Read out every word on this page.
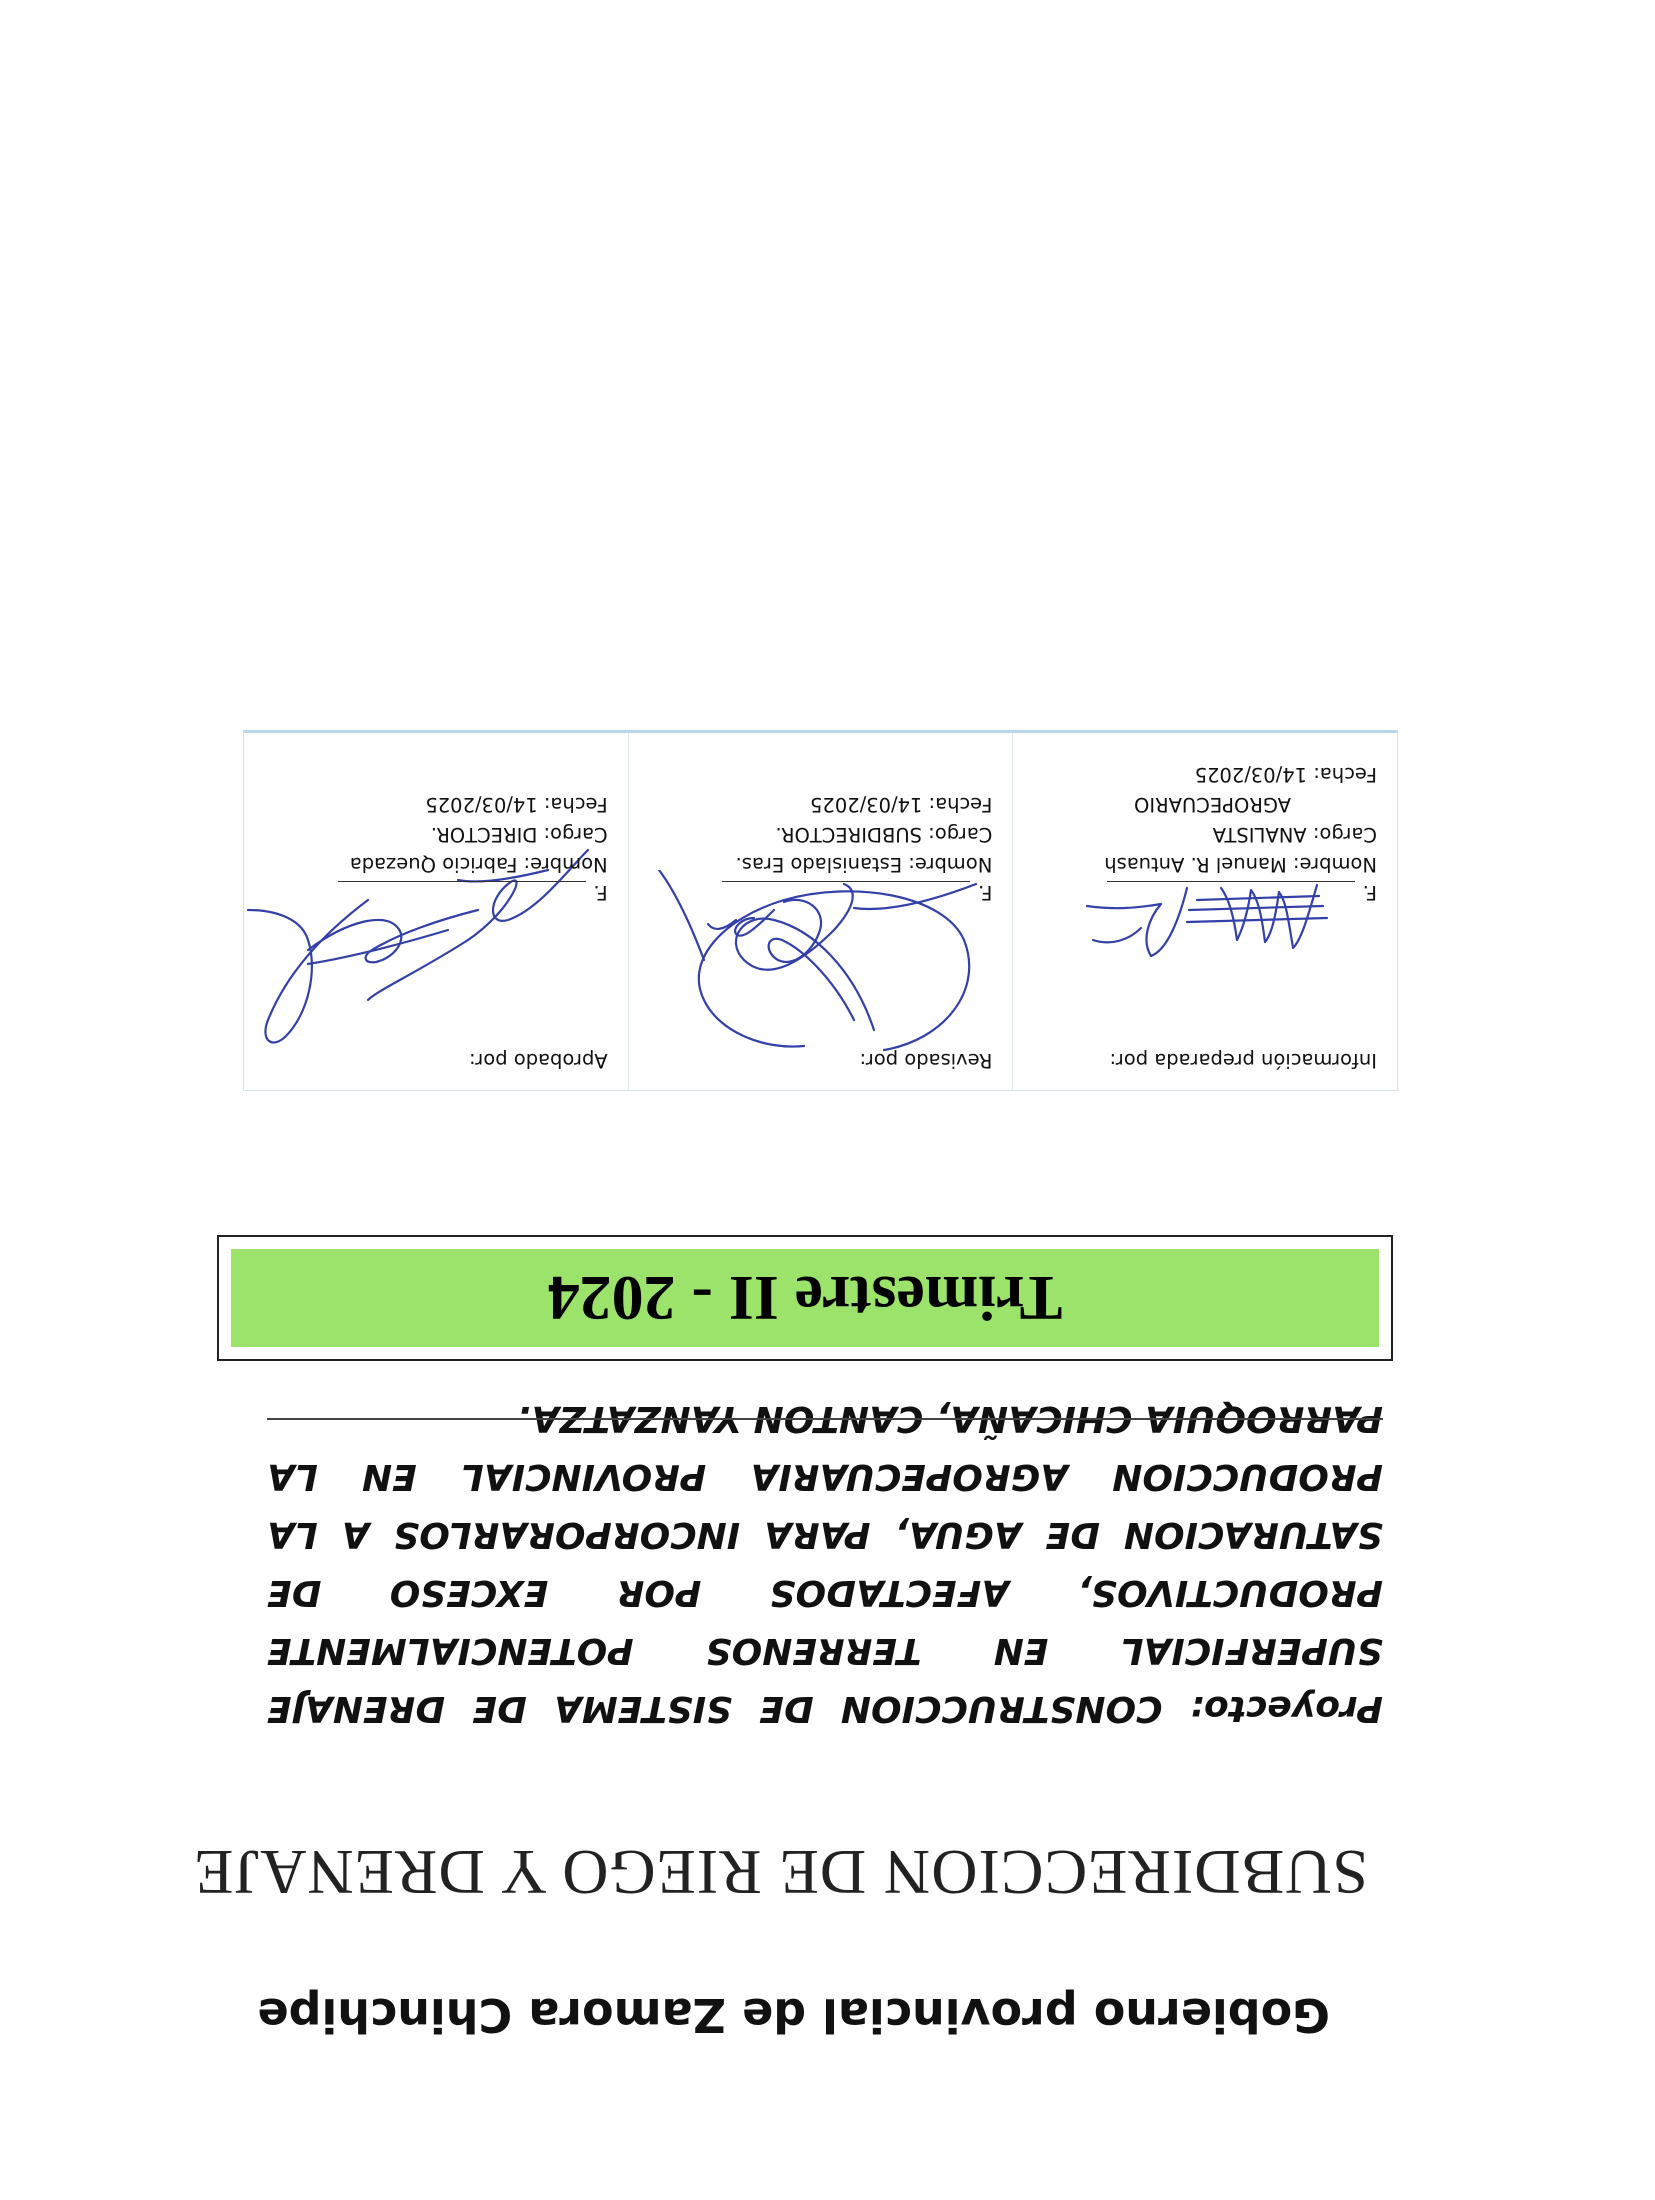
Gobierno provincial de Zamora Chinchipe
SUBDIRECCION DE RIEGO Y DRENAJE
Proyecto: CONSTRUCCION DE SISTEMA DE DRENAJE SUPERFICIAL EN TERRENOS POTENCIALMENTE PRODUCTIVOS, AFECTADOS POR EXCESO DE SATURACION DE AGUA, PARA INCORPORARLOS A LA PRODUCCION AGROPECUARIA PROVINCIAL EN LA PARROQUIA CHICAÑA, CANTON YANZATZA.
Trimestre II - 2024
Información preparada por:
F.
Nombre: Manuel R. Antuash
Cargo: ANALISTA
AGROPECUARIO
Fecha: 14/03/2025
Revisado por:
F.
Nombre: Estanislado Eras.
Cargo: SUBDIRECTOR.
Fecha: 14/03/2025
Aprobado por:
F.
Nombre: Fabricio Quezada
Cargo: DIRECTOR.
Fecha: 14/03/2025
